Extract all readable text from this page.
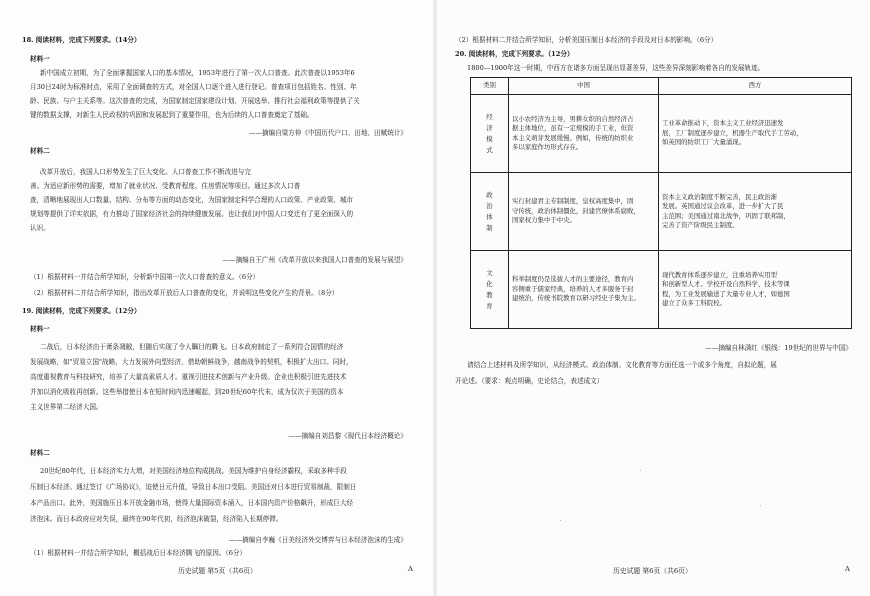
18. 阅读材料，完成下列要求。（14分）
材料一
新中国成立初期，为了全面掌握国家人口的基本情况，1953年进行了第一次人口普查。此次普查以1953年6
月30日24时为标准时点，采用了全面调查的方式，对全国人口逐个进入进行登记。普查项目包括姓名、性别、年
龄、民族、与户主关系等。这次普查的完成，为国家制定国家建设计划、开展选举、推行社会福利政策等提供了关
键的数据支撑，对新生人民政权的巩固和发展起到了重要作用，也为后续的人口普查奠定了基础。
——摘编自梁方仲《中国历代户口、田地、田赋统计》
材料二
改革开放后，我国人口形势发生了巨大变化。人口普查工作不断改进与完
善。为适应新形势的需要，增加了就业状况、受教育程度、住房情况等项目。通过多次人口普
查，清晰地展现出人口数量、结构、分布等方面的动态变化，为国家制定科学合理的人口政策、产业政策、城市
规划等提供了详实依据，有力推动了国家经济社会的持续健康发展。也让我们对中国人口变迁有了更全面深入的
认识。
——摘编自王广州《改革开放以来我国人口普查的发展与展望》
（1）根据材料一并结合所学知识，分析新中国第一次人口普查的意义。（6分）
（2）根据材料二并结合所学知识，指出改革开放后人口普查的变化，并说明这些变化产生的背景。（8分）
19. 阅读材料，完成下列要求。（12分）
材料一
二战后，日本经济由于萧条凋敝，但随后实现了令人瞩目的腾飞。日本政府制定了一系列符合国情的经济
发展战略，如"贸易立国"战略，大力发展外向型经济，借助朝鲜战争，越南战争的契机，积极扩大出口。同时，
高度重视教育与科技研究，培养了大量高素质人才。重视引进技术创新与产业升级。企业也积极引进先进技术
并加以消化吸收再创新。这些举措使日本在短时间内迅速崛起，到20世纪60年代末，成为仅次于美国的资本
主义世界第二经济大国。
——摘编自刘昌黎《现代日本经济概论》
材料二
20世纪80年代，日本经济实力大增，对美国经济地位构成挑战。美国为维护自身经济霸权，采取多种手段
压制日本经济。通过签订《广场协议》，迫使日元升值，导致日本出口受阻。美国还对日本进行贸易制裁，限制日
本产品出口。此外，美国施压日本开放金融市场，使得大量国际资本涌入，日本国内资产价格飙升，形成巨大经
济泡沫。而日本政府应对失误，最终在90年代初，经济泡沫破裂，经济陷入长期停滞。
——摘编自李巍《日美经济外交博弈与日本经济泡沫的生成》
（1）根据材料一并结合所学知识，概括战后日本经济腾飞的原因。（6分）
历史试题 第5页（共6页）	A
（2）根据材料二并结合所学知识，分析美国压制日本经济的手段及对日本的影响。（6分）
20. 阅读材料，完成下列要求。（12分）
1800—1900年这一时期，中西方在诸多方面呈现出显著差异，这些差异深刻影响着各自的发展轨迹。
类别	中国	西方

经济模式	以小农经济为主导，男耕女织的自然经济占
据主体地位，虽有一定规模的手工业，但资
本主义萌芽发展缓慢。例如，传统的纺织业
多以家庭作坊形式存在。	工业革命推动下，资本主义工业经济迅速发
展，工厂制度逐步建立，机器生产取代手工劳动，
如英国的纺织工厂大量涌现。

政治体制	实行封建君主专制制度，皇权高度集中，固
守传统，政治体制僵化，封建官僚体系腐败，
国家权力集中于中央。	资本主义政治制度不断完善，民主政治渐
发展。英国通过议会改革，进一步扩大了民
主范围；美国通过南北战争，巩固了联邦制，
完善了资产阶级民主制度。

文化教育	科举制度仍是选拔人才的主要途径，教育内
容侧重于儒家经典，培养的人才多服务于封
建统治，传统书院教育以研习经史子集为主。	现代教育体系逐步建立，注重培养实用型
和创新型人才。学校开设自然科学、技术等课
程，为工业发展输送了大量专业人才，如德国
建立了众多工科院校。
——摘编自林满红《银线：19世纪的世界与中国》
请结合上述材料及所学知识，从经济模式、政治体制、文化教育等方面任选一个或多个角度，自拟论题，展
开论述。（要求：观点明确，史论结合，表述成文）
历史试题 第6页（共6页）	A
